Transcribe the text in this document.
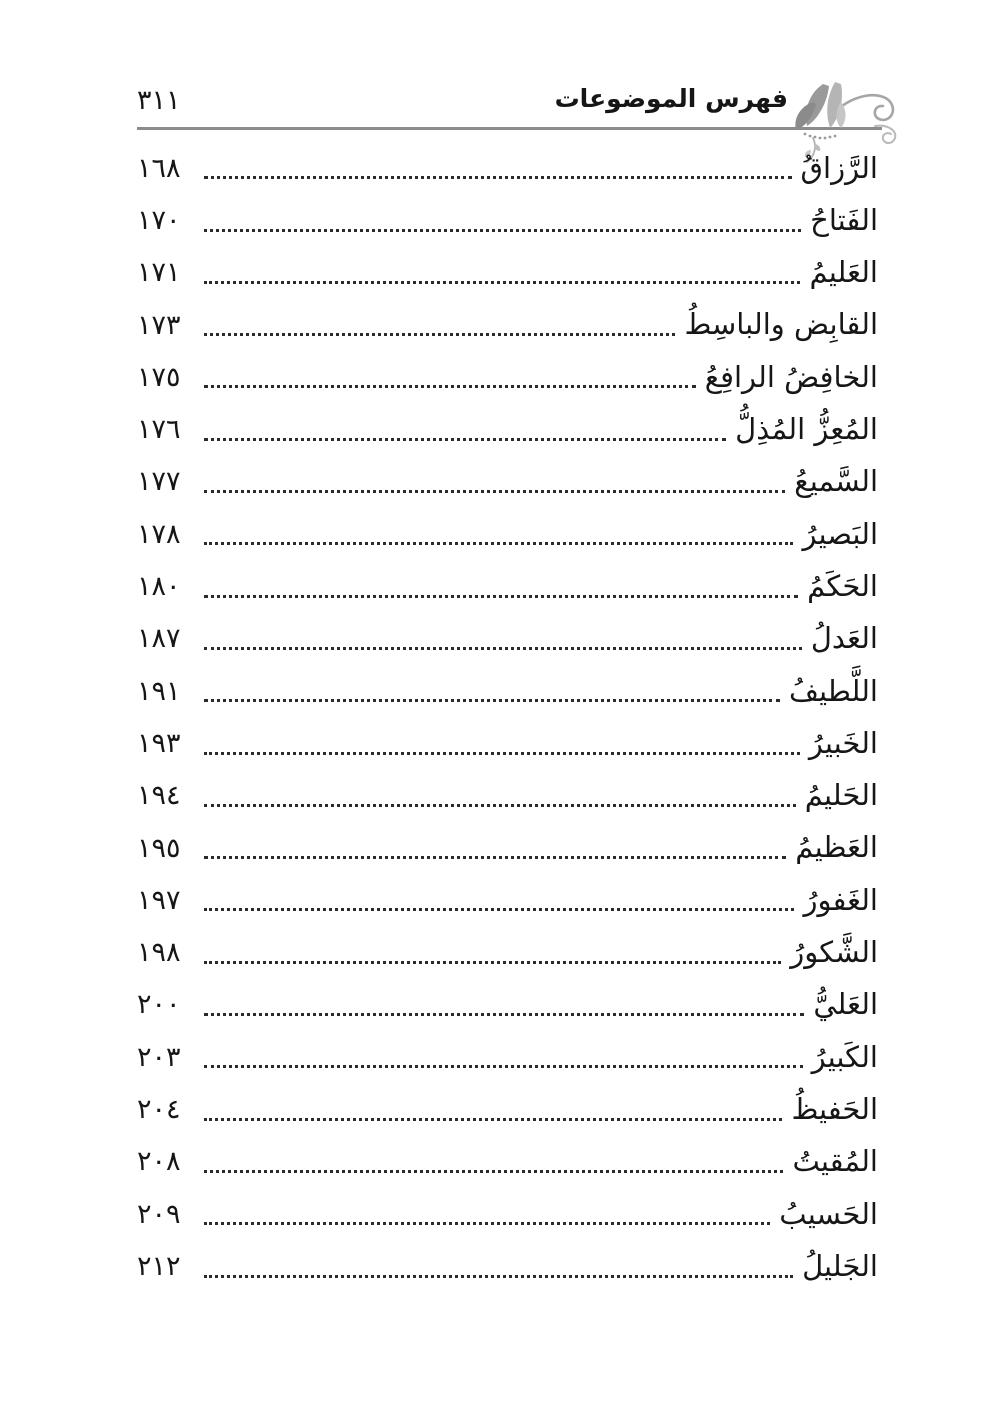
٣١١	فهرس الموضوعات
الرَّزاقُ
١٦٨
الفَتاحُ
١٧٠
العَليمُ
١٧١
القابِض والباسِطُ
١٧٣
الخافِضُ الرافِعُ
١٧٥
المُعِزُّ المُذِلُّ
١٧٦
السَّميعُ
١٧٧
البَصيرُ
١٧٨
الحَكَمُ
١٨٠
العَدلُ
١٨٧
اللَّطيفُ
١٩١
الخَبيرُ
١٩٣
الحَليمُ
١٩٤
العَظيمُ
١٩٥
الغَفورُ
١٩٧
الشَّكورُ
١٩٨
العَليُّ
٢٠٠
الكَبيرُ
٢٠٣
الحَفيظُ
٢٠٤
المُقيتُ
٢٠٨
الحَسيبُ
٢٠٩
الجَليلُ
٢١٢
